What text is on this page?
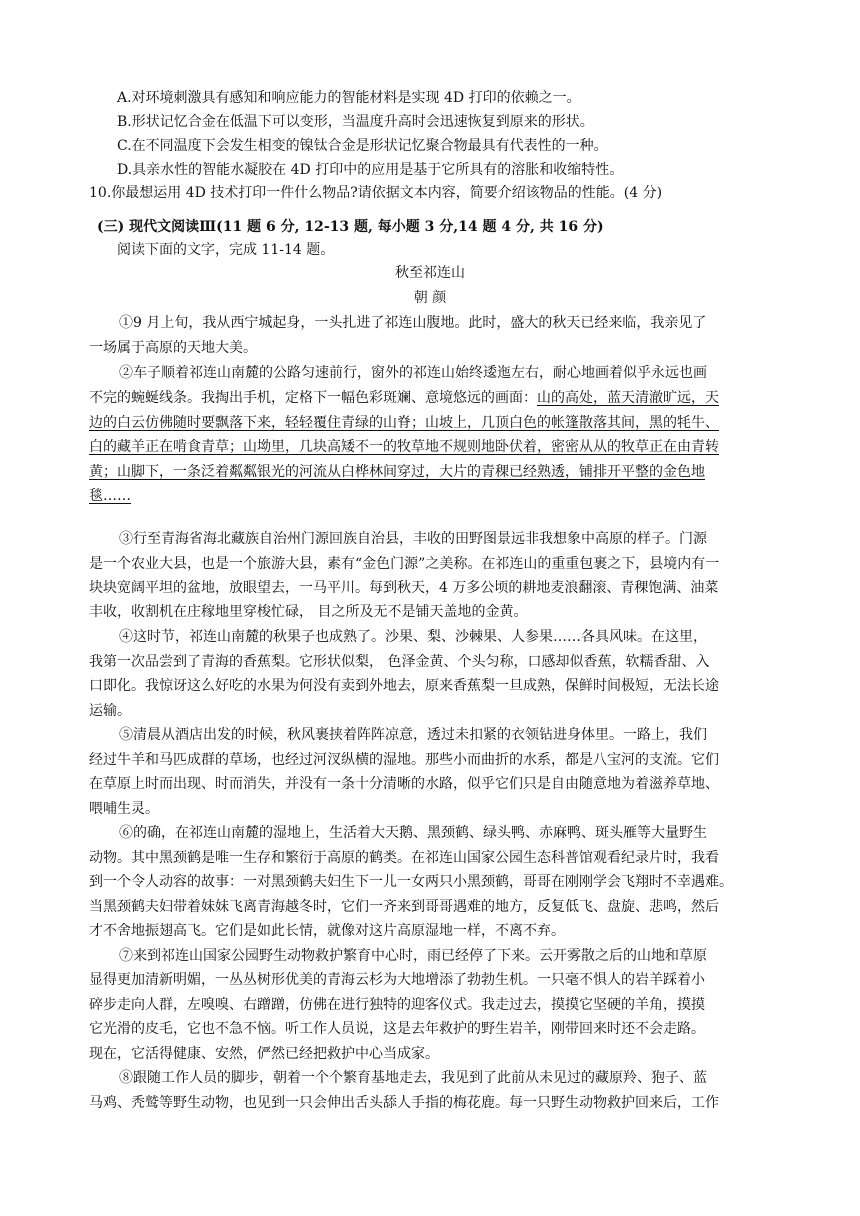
A.对环境刺激具有感知和响应能力的智能材料是实现 4D 打印的依赖之一。
B.形状记忆合金在低温下可以变形，当温度升高时会迅速恢复到原来的形状。
C.在不同温度下会发生相变的镍钛合金是形状记忆聚合物最具有代表性的一种。
D.具亲水性的智能水凝胶在 4D 打印中的应用是基于它所具有的溶胀和收缩特性。
10.你最想运用 4D 技术打印一件什么物品?请依据文本内容，简要介绍该物品的性能。(4 分)
(三) 现代文阅读Ⅲ(11 题 6 分, 12-13 题, 每小题 3 分,14 题 4 分, 共 16 分)
阅读下面的文字，完成 11-14 题。
秋至祁连山
朝 颜
①9 月上旬，我从西宁城起身，一头扎进了祁连山腹地。此时，盛大的秋天已经来临，我亲见了
一场属于高原的天地大美。
②车子顺着祁连山南麓的公路匀速前行，窗外的祁连山始终逶迤左右，耐心地画着似乎永远也画
不完的蜿蜒线条。我掏出手机，定格下一幅色彩斑斓、意境悠远的画面：山的高处，蓝天清澈旷远，天
边的白云仿佛随时要飘落下来，轻轻覆住青绿的山脊；山坡上，几顶白色的帐篷散落其间，黑的牦牛、
白的藏羊正在啃食青草；山坳里，几块高矮不一的牧草地不规则地卧伏着，密密从从的牧草正在由青转
黄；山脚下，一条泛着粼粼银光的河流从白桦林间穿过，大片的青稞已经熟透，铺排开平整的金色地
毯……
③行至青海省海北藏族自治州门源回族自治县，丰收的田野图景远非我想象中高原的样子。门源
是一个农业大县，也是一个旅游大县，素有“金色门源”之美称。在祁连山的重重包裹之下，县境内有一
块块宽阔平坦的盆地，放眼望去，一马平川。每到秋天，4 万多公顷的耕地麦浪翻滚、青稞饱满、油菜
丰收，收割机在庄稼地里穿梭忙碌， 目之所及无不是铺天盖地的金黄。
④这时节，祁连山南麓的秋果子也成熟了。沙果、梨、沙棘果、人参果……各具风味。在这里，
我第一次品尝到了青海的香蕉梨。它形状似梨， 色泽金黄、个头匀称，口感却似香蕉，软糯香甜、入
口即化。我惊讶这么好吃的水果为何没有卖到外地去，原来香蕉梨一旦成熟，保鲜时间极短，无法长途
运输。
⑤清晨从酒店出发的时候，秋风裹挟着阵阵凉意，透过未扣紧的衣领钻进身体里。一路上，我们
经过牛羊和马匹成群的草场，也经过河汊纵横的湿地。那些小而曲折的水系，都是八宝河的支流。它们
在草原上时而出现、时而消失，并没有一条十分清晰的水路，似乎它们只是自由随意地为着滋养草地、
喂哺生灵。
⑥的确，在祁连山南麓的湿地上，生活着大天鹅、黑颈鹤、绿头鸭、赤麻鸭、斑头雁等大量野生
动物。其中黑颈鹤是唯一生存和繁衍于高原的鹤类。在祁连山国家公园生态科普馆观看纪录片时，我看
到一个令人动容的故事：一对黑颈鹤夫妇生下一儿一女两只小黑颈鹤，哥哥在刚刚学会飞翔时不幸遇难。
当黑颈鹤夫妇带着妹妹飞离青海越冬时，它们一齐来到哥哥遇难的地方，反复低飞、盘旋、悲鸣，然后
才不舍地振翅高飞。它们是如此长情，就像对这片高原湿地一样，不离不弃。
⑦来到祁连山国家公园野生动物救护繁育中心时，雨已经停了下来。云开雾散之后的山地和草原
显得更加清新明媚，一丛丛树形优美的青海云杉为大地增添了勃勃生机。一只毫不惧人的岩羊踩着小
碎步走向人群，左嗅嗅、右蹭蹭，仿佛在进行独特的迎客仪式。我走过去，摸摸它坚硬的羊角，摸摸
它光滑的皮毛，它也不急不恼。听工作人员说，这是去年救护的野生岩羊，刚带回来时还不会走路。
现在，它活得健康、安然，俨然已经把救护中心当成家。
⑧跟随工作人员的脚步，朝着一个个繁育基地走去，我见到了此前从未见过的藏原羚、狍子、蓝
马鸡、秃鹫等野生动物，也见到一只会伸出舌头舔人手指的梅花鹿。每一只野生动物救护回来后，工作
